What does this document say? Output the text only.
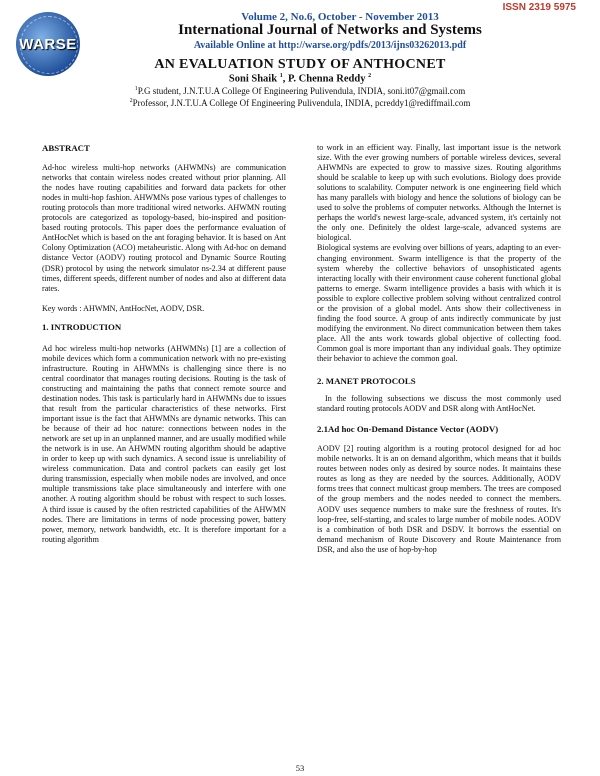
ISSN 2319 5975
WARSE
Volume 2, No.6, October - November 2013
International Journal of Networks and Systems
Available Online at http://warse.org/pdfs/2013/ijns03262013.pdf
AN EVALUATION STUDY OF ANTHOCNET
Soni Shaik $^1$, P. Chenna Reddy $^2$
$^1$P.G student, J.N.T.U.A College Of Engineering Pulivendula, INDIA, soni.it07@gmail.com
$^2$Professor, J.N.T.U.A College Of Engineering Pulivendula, INDIA, pcreddy1@rediffmail.com

ABSTRACT

Ad-hoc wireless multi-hop networks (AHWMNs) are communication networks that contain wireless nodes created without prior planning. All the nodes have routing capabilities and forward data packets for other nodes in multi-hop fashion. AHWMNs pose various types of challenges to routing protocols than more traditional wired networks. AHWMN routing protocols are categorized as topology-based, bio-inspired and position-based routing protocols. This paper does the performance evaluation of AntHocNet which is based on the ant foraging behavior. It is based on Ant Colony Optimization (ACO) metaheuristic. Along with Ad-hoc on demand distance Vector (AODV) routing protocol and Dynamic Source Routing (DSR) protocol by using the network simulator ns-2.34 at different pause times, different speeds, different number of nodes and also at different data rates.

Key words : AHWMN, AntHocNet, AODV, DSR.

1. INTRODUCTION

Ad hoc wireless multi-hop networks (AHWMNs) [1] are a collection of mobile devices which form a communication network with no pre-existing infrastructure. Routing in AHWMNs is challenging since there is no central coordinator that manages routing decisions. Routing is the task of constructing and maintaining the paths that connect remote source and destination nodes. This task is particularly hard in AHWMNs due to issues that result from the particular characteristics of these networks. First important issue is the fact that AHWMNs are dynamic networks. This can be because of their ad hoc nature: connections between nodes in the network are set up in an unplanned manner, and are usually modified while the network is in use. An AHWMN routing algorithm should be adaptive in order to keep up with such dynamics. A second issue is unreliability of wireless communication. Data and control packets can easily get lost during transmission, especially when mobile nodes are involved, and once multiple transmissions take place simultaneously and interfere with one another. A routing algorithm should be robust with respect to such losses. A third issue is caused by the often restricted capabilities of the AHWMN nodes. There are limitations in terms of node processing power, battery power, memory, network bandwidth, etc. It is therefore important for a routing algorithm

to work in an efficient way. Finally, last important issue is the network size. With the ever growing numbers of portable wireless devices, several AHWMNs are expected to grow to massive sizes. Routing algorithms should be scalable to keep up with such evolutions. Biology does provide solutions to scalability. Computer network is one engineering field which has many parallels with biology and hence the solutions of biology can be used to solve the problems of computer networks. Although the Internet is perhaps the world's newest large-scale, advanced system, it's certainly not the only one. Definitely the oldest large-scale, advanced systems are biological.

Biological systems are evolving over billions of years, adapting to an ever-changing environment. Swarm intelligence is that the property of the system whereby the collective behaviors of unsophisticated agents interacting locally with their environment cause coherent functional global patterns to emerge. Swarm intelligence provides a basis with which it is possible to explore collective problem solving without centralized control or the provision of a global model. Ants show their collectiveness in finding the food source. A group of ants indirectly communicate by just modifying the environment. No direct communication between them takes place. All the ants work towards global objective of collecting food. Common goal is more important than any individual goals. They optimize their behavior to achieve the common goal.

2. MANET PROTOCOLS

In the following subsections we discuss the most commonly used standard routing protocols AODV and DSR along with AntHocNet.

2.1Ad hoc On-Demand Distance Vector (AODV)

AODV [2] routing algorithm is a routing protocol designed for ad hoc mobile networks. It is an on demand algorithm, which means that it builds routes between nodes only as desired by source nodes. It maintains these routes as long as they are needed by the sources. Additionally, AODV forms trees that connect multicast group members. The trees are composed of the group members and the nodes needed to connect the members. AODV uses sequence numbers to make sure the freshness of routes. It's loop-free, self-starting, and scales to large number of mobile nodes. AODV is a combination of both DSR and DSDV. It borrows the essential on demand mechanism of Route Discovery and Route Maintenance from DSR, and also the use of hop-by-hop

53
